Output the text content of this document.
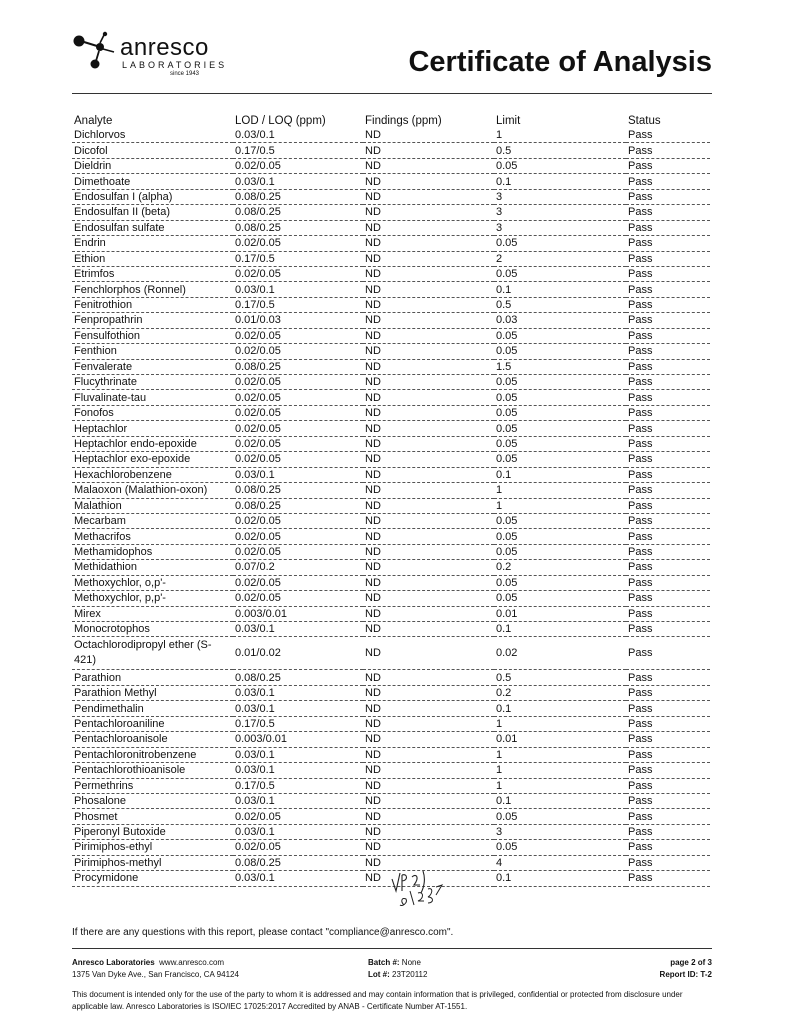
anresco
LABORATORIES
since 1943	Certificate of Analysis
Analyte	LOD / LOQ (ppm)	Findings (ppm)	Limit	Status
Dichlorvos	0.03/0.1	ND	1	Pass
Dicofol	0.17/0.5	ND	0.5	Pass
Dieldrin	0.02/0.05	ND	0.05	Pass
Dimethoate	0.03/0.1	ND	0.1	Pass
Endosulfan I (alpha)	0.08/0.25	ND	3	Pass
Endosulfan II (beta)	0.08/0.25	ND	3	Pass
Endosulfan sulfate	0.08/0.25	ND	3	Pass
Endrin	0.02/0.05	ND	0.05	Pass
Ethion	0.17/0.5	ND	2	Pass
Etrimfos	0.02/0.05	ND	0.05	Pass
Fenchlorphos (Ronnel)	0.03/0.1	ND	0.1	Pass
Fenitrothion	0.17/0.5	ND	0.5	Pass
Fenpropathrin	0.01/0.03	ND	0.03	Pass
Fensulfothion	0.02/0.05	ND	0.05	Pass
Fenthion	0.02/0.05	ND	0.05	Pass
Fenvalerate	0.08/0.25	ND	1.5	Pass
Flucythrinate	0.02/0.05	ND	0.05	Pass
Fluvalinate-tau	0.02/0.05	ND	0.05	Pass
Fonofos	0.02/0.05	ND	0.05	Pass
Heptachlor	0.02/0.05	ND	0.05	Pass
Heptachlor endo-epoxide	0.02/0.05	ND	0.05	Pass
Heptachlor exo-epoxide	0.02/0.05	ND	0.05	Pass
Hexachlorobenzene	0.03/0.1	ND	0.1	Pass
Malaoxon (Malathion-oxon)	0.08/0.25	ND	1	Pass
Malathion	0.08/0.25	ND	1	Pass
Mecarbam	0.02/0.05	ND	0.05	Pass
Methacrifos	0.02/0.05	ND	0.05	Pass
Methamidophos	0.02/0.05	ND	0.05	Pass
Methidathion	0.07/0.2	ND	0.2	Pass
Methoxychlor, o,p'-	0.02/0.05	ND	0.05	Pass
Methoxychlor, p,p'-	0.02/0.05	ND	0.05	Pass
Mirex	0.003/0.01	ND	0.01	Pass
Monocrotophos	0.03/0.1	ND	0.1	Pass
Octachlorodipropyl ether (S-421)	0.01/0.02	ND	0.02	Pass
Parathion	0.08/0.25	ND	0.5	Pass
Parathion Methyl	0.03/0.1	ND	0.2	Pass
Pendimethalin	0.03/0.1	ND	0.1	Pass
Pentachloroaniline	0.17/0.5	ND	1	Pass
Pentachloroanisole	0.003/0.01	ND	0.01	Pass
Pentachloronitrobenzene	0.03/0.1	ND	1	Pass
Pentachlorothioanisole	0.03/0.1	ND	1	Pass
Permethrins	0.17/0.5	ND	1	Pass
Phosalone	0.03/0.1	ND	0.1	Pass
Phosmet	0.02/0.05	ND	0.05	Pass
Piperonyl Butoxide	0.03/0.1	ND	3	Pass
Pirimiphos-ethyl	0.02/0.05	ND	0.05	Pass
Pirimiphos-methyl	0.08/0.25	ND	4	Pass
Procymidone	0.03/0.1	ND	0.1	Pass
If there are any questions with this report, please contact "compliance@anresco.com".
Anresco Laboratories www.anresco.com
1375 Van Dyke Ave., San Francisco, CA 94124
Batch #: None
Lot #: 23T20112
page 2 of 3
Report ID: T-2
This document is intended only for the use of the party to whom it is addressed and may contain information that is privileged, confidential or protected from disclosure under applicable law. Anresco Laboratories is ISO/IEC 17025:2017 Accredited by ANAB - Certificate Number AT-1551.
